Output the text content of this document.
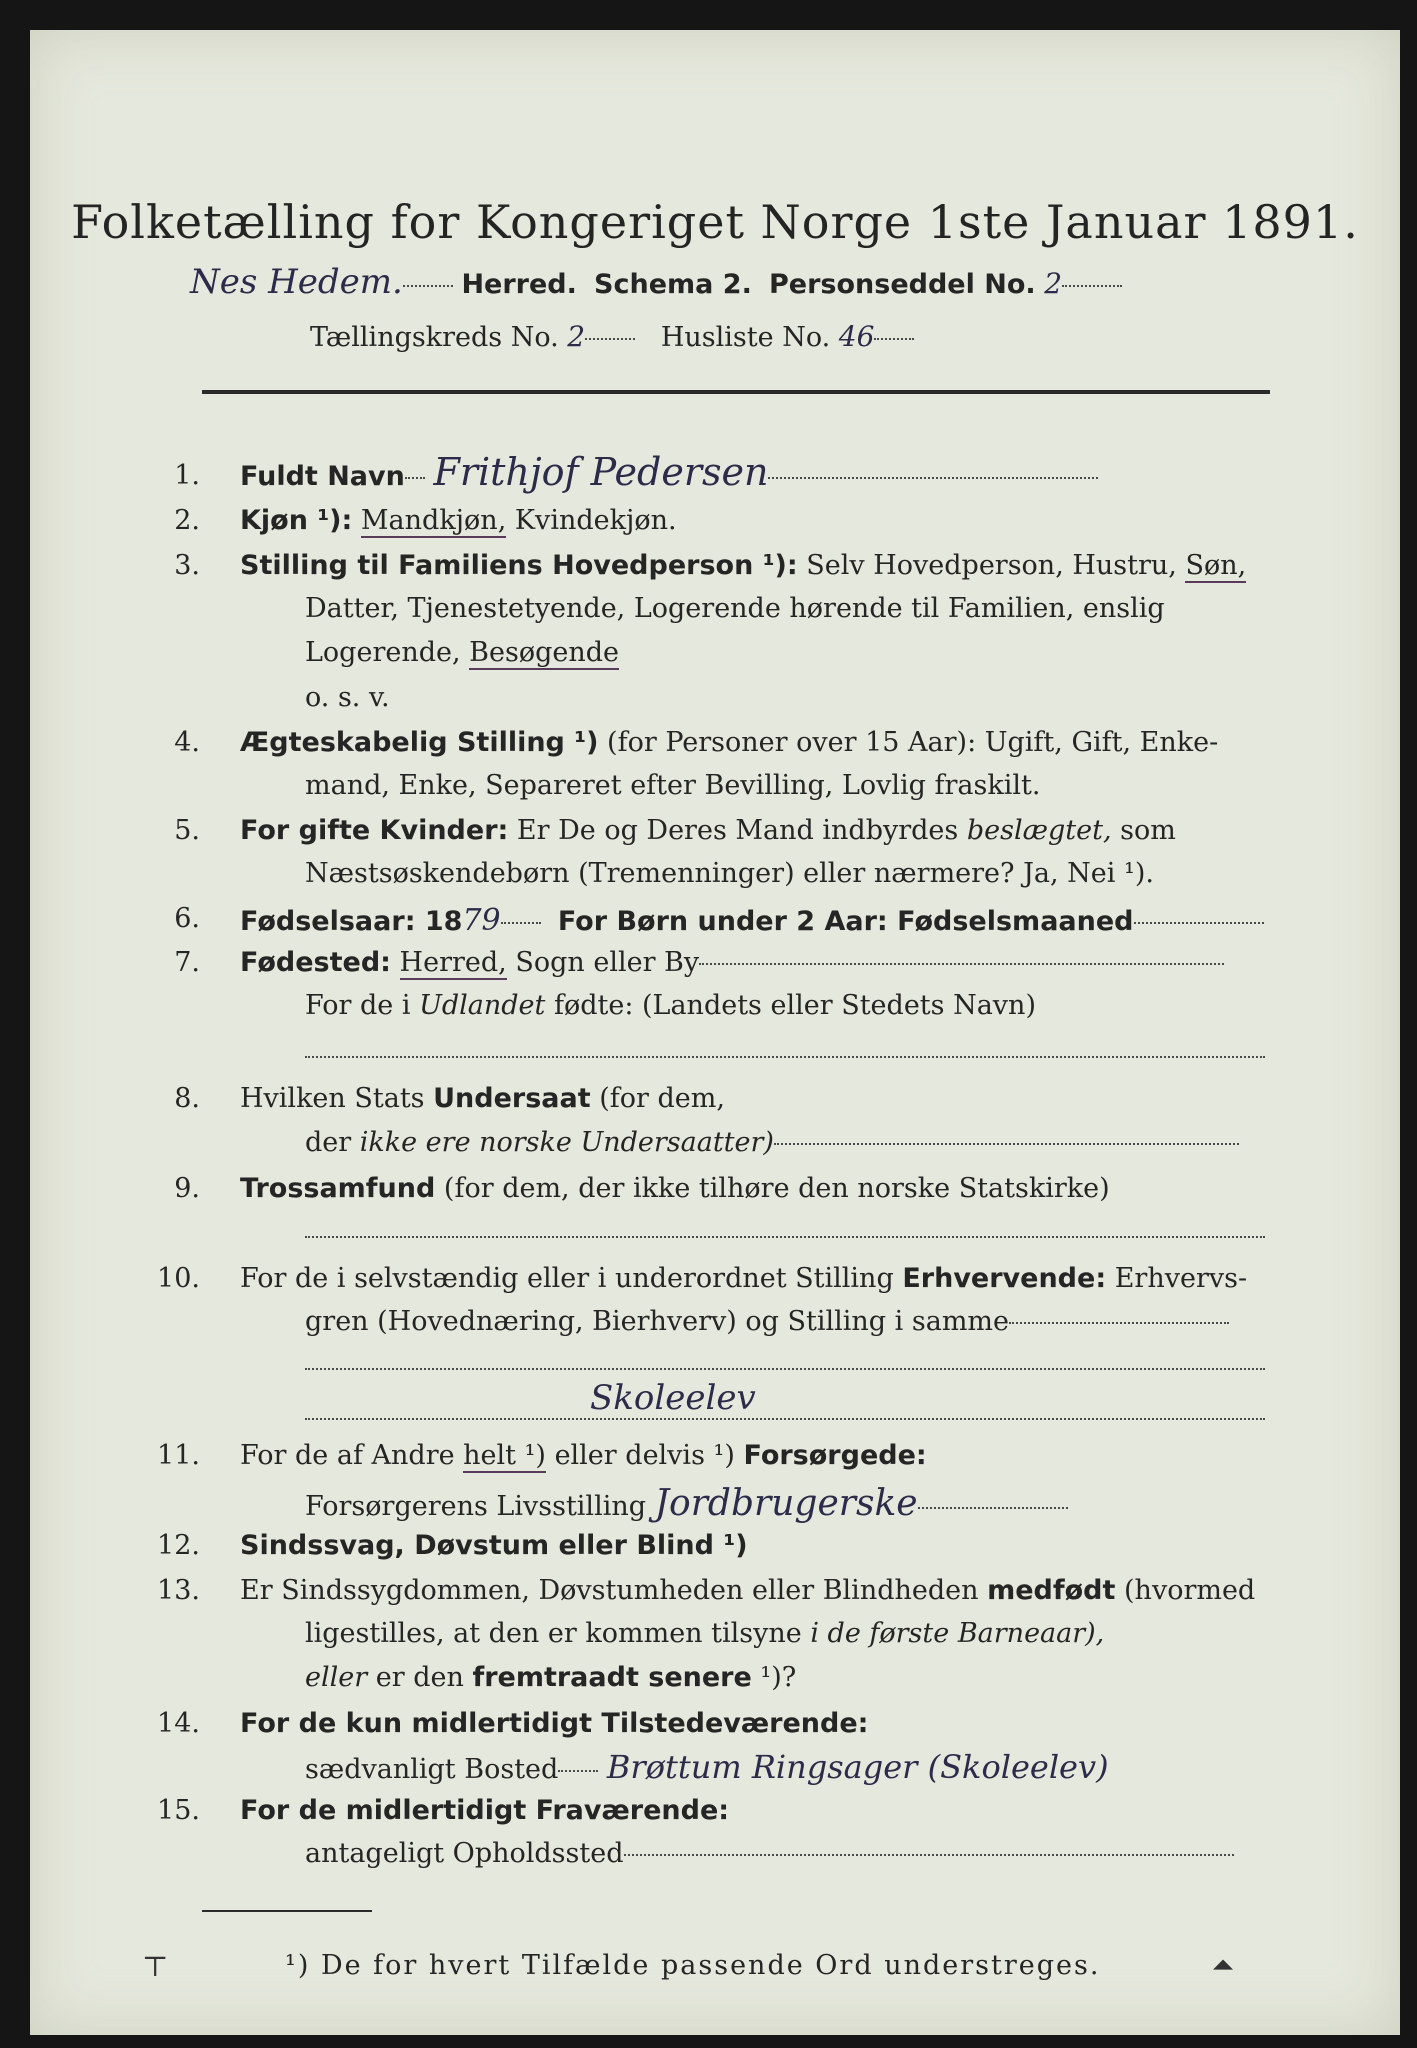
Folketælling for Kongeriget Norge 1ste Januar 1891.
Nes Hedem. Herred. Schema 2. Personseddel No. 2
Tællingskreds No. 2	Husliste No. 46
1. Fuldt Navn Frithjof Pedersen
2. Kjøn ¹): Mandkjøn, Kvindekjøn.
3. Stilling til Familiens Hovedperson ¹): Selv Hovedperson, Hustru, Søn,
Datter, Tjenestetyende, Logerende hørende til Familien, enslig
Logerende, Besøgende
o. s. v.
4. Ægteskabelig Stilling ¹) (for Personer over 15 Aar): Ugift, Gift, Enke-
mand, Enke, Separeret efter Bevilling, Lovlig fraskilt.
5. For gifte Kvinder: Er De og Deres Mand indbyrdes beslægtet, som
Næstsøskendebørn (Tremenninger) eller nærmere? Ja, Nei ¹).
6. Fødselsaar: 1879 For Børn under 2 Aar: Fødselsmaaned
7. Fødested: Herred, Sogn eller By
For de i Udlandet fødte: (Landets eller Stedets Navn)
8. Hvilken Stats Undersaat (for dem,
der ikke ere norske Undersaatter)
9. Trossamfund (for dem, der ikke tilhøre den norske Statskirke)
10. For de i selvstændig eller i underordnet Stilling Erhvervende: Erhvervs-
gren (Hovednæring, Bierhverv) og Stilling i samme
Skoleelev
11. For de af Andre helt ¹) eller delvis ¹) Forsørgede:
Forsørgerens Livsstilling Jordbrugerske
12. Sindssvag, Døvstum eller Blind ¹)
13. Er Sindssygdommen, Døvstumheden eller Blindheden medfødt (hvormed
ligestilles, at den er kommen tilsyne i de første Barneaar),
eller er den fremtraadt senere ¹)?
14. For de kun midlertidigt Tilstedeværende:
sædvanligt Bosted Brøttum Ringsager (Skoleelev)
15. For de midlertidigt Fraværende:
antageligt Opholdssted
¹) De for hvert Tilfælde passende Ord understreges.
⊤	⏶
